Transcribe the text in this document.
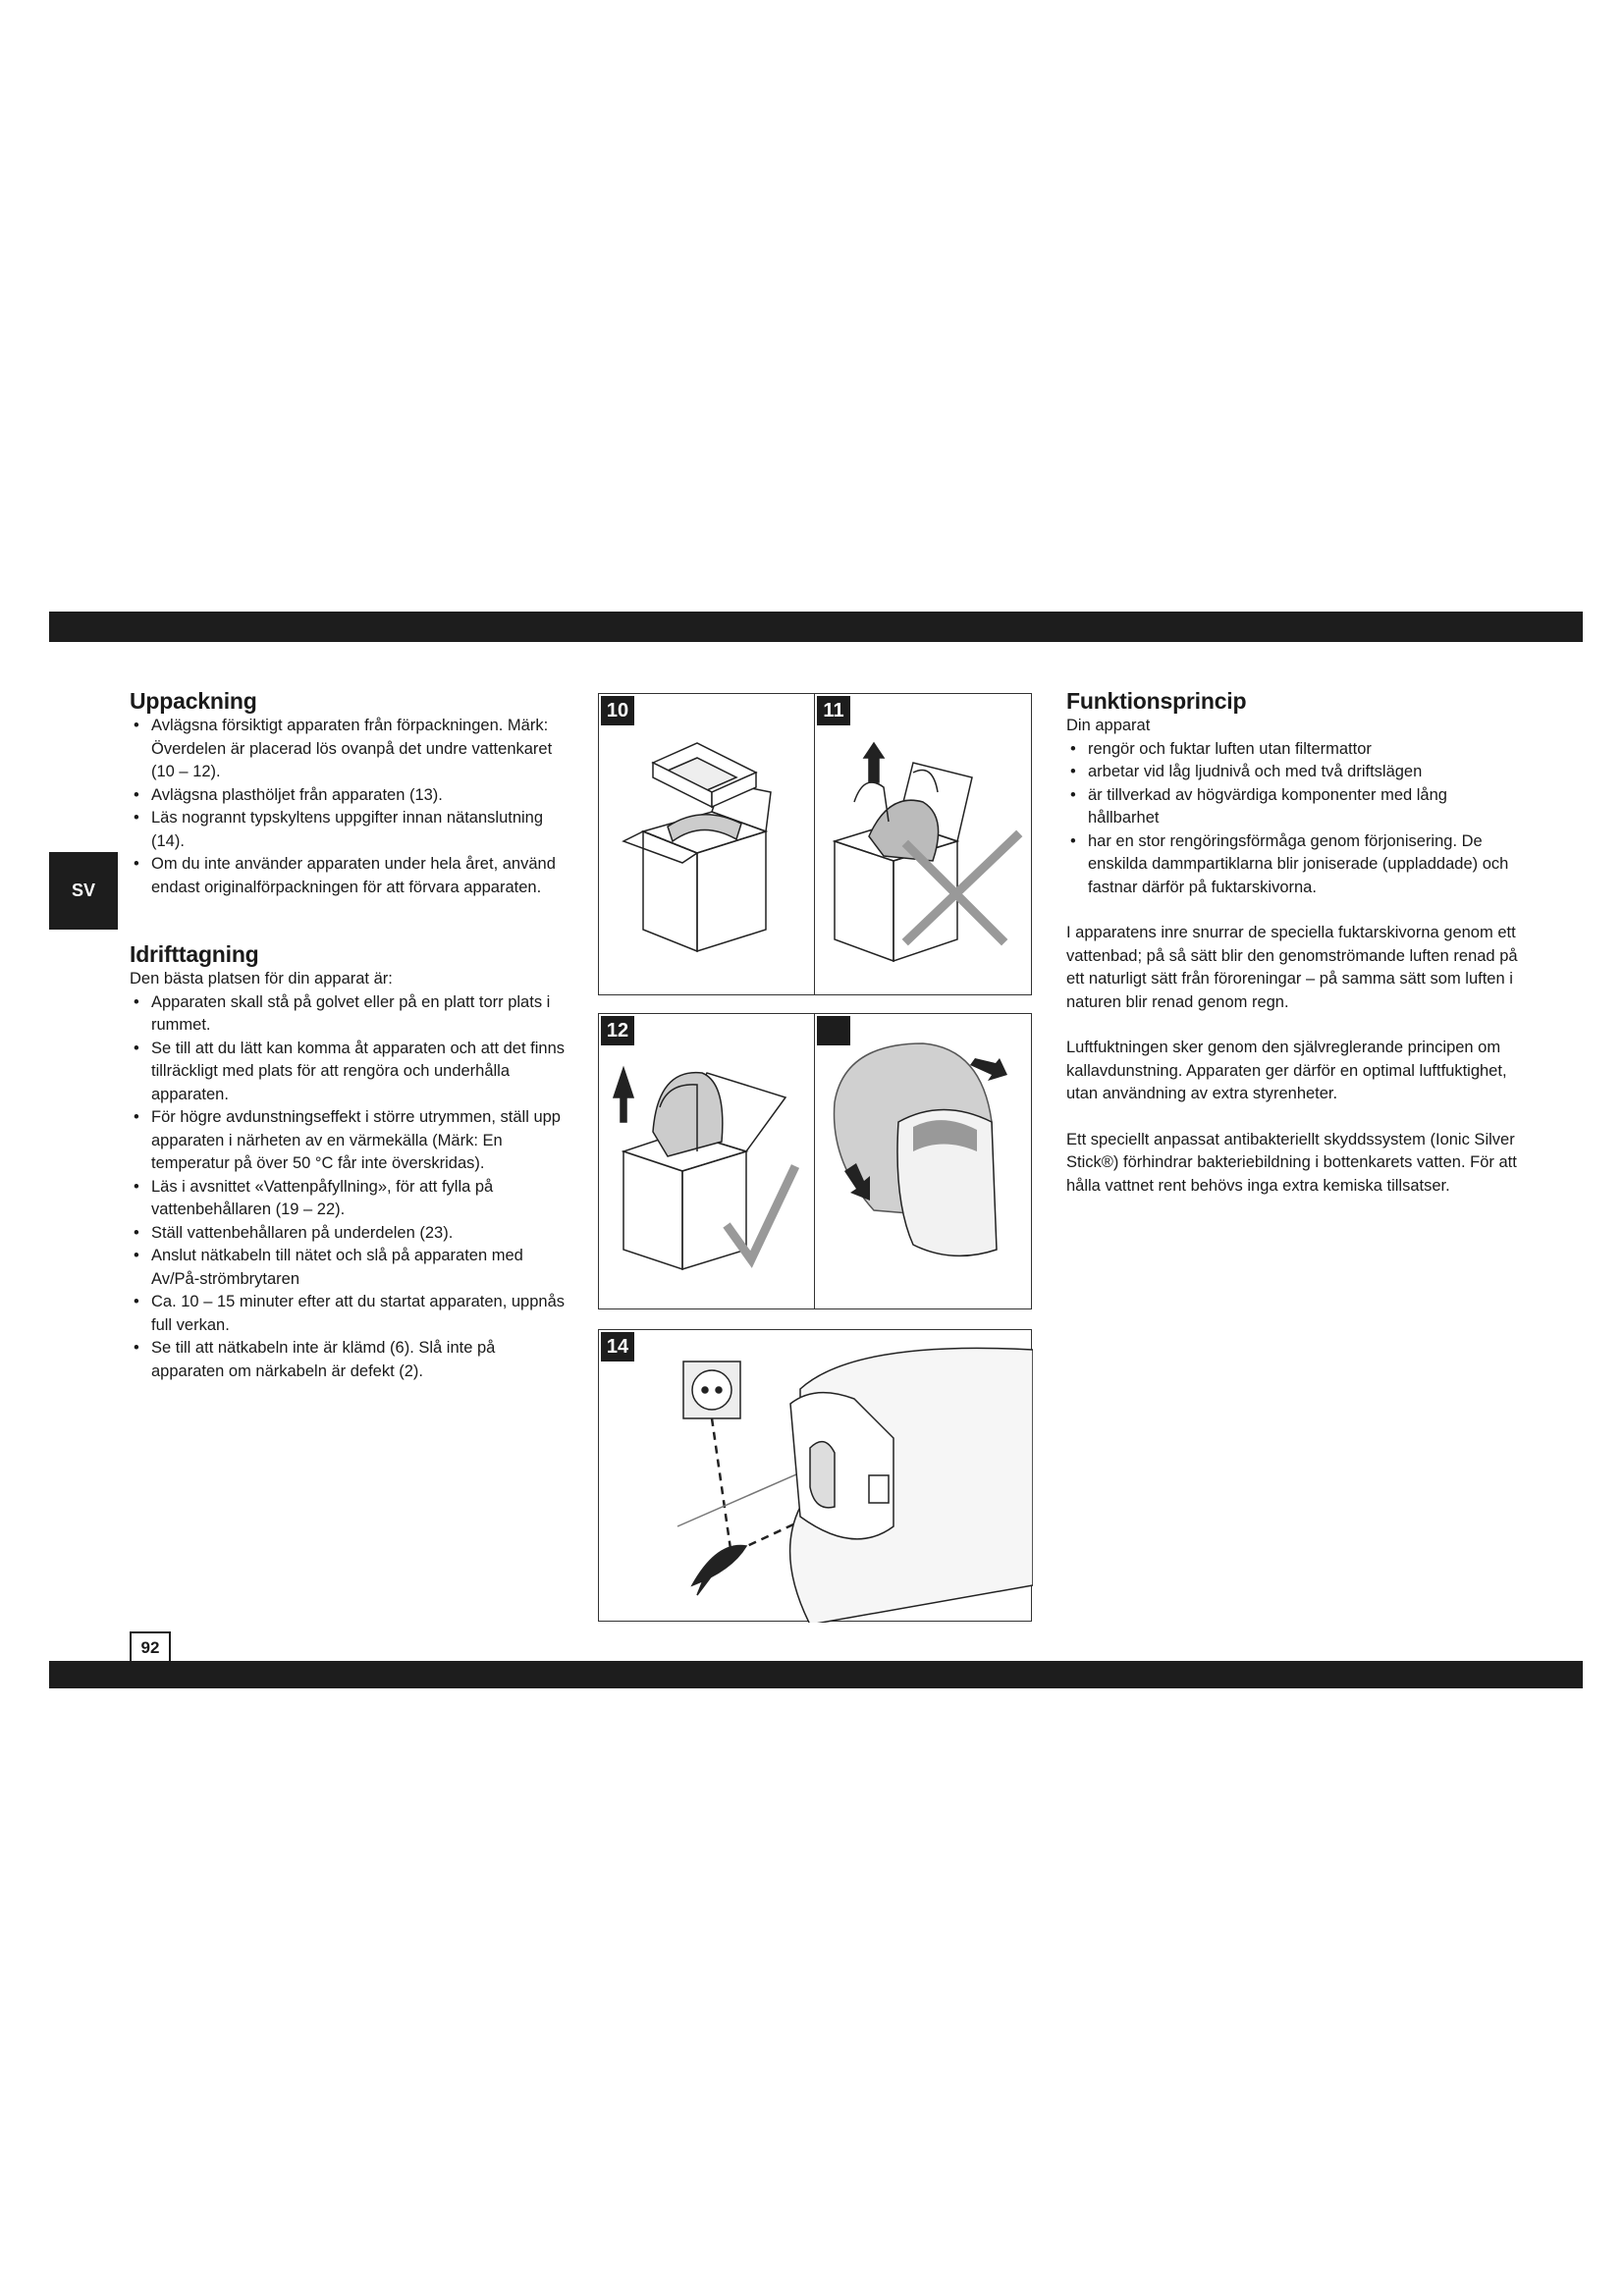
SV
Uppackning
• Avlägsna försiktigt apparaten från förpackningen. Märk: Överdelen är placerad lös ovanpå det undre vattenkaret (10 – 12).
• Avlägsna plasthöljet från apparaten (13).
• Läs nogrannt typskyltens uppgifter innan nätanslutning (14).
• Om du inte använder apparaten under hela året, använd endast originalförpackningen för att förvara apparaten.
Idrifttagning

Den bästa platsen för din apparat är:

• Apparaten skall stå på golvet eller på en platt torr plats i rummet.
• Se till att du lätt kan komma åt apparaten och att det finns tillräckligt med plats för att rengöra och underhålla apparaten.
• För högre avdunstningseffekt i större utrymmen, ställ upp apparaten i närheten av en värmekälla (Märk: En temperatur på över 50 °C får inte överskridas).
• Läs i avsnittet «Vattenpåfyllning», för att fylla på vattenbehållaren (19 – 22).
• Ställ vattenbehållaren på underdelen (23).
• Anslut nätkabeln till nätet och slå på apparaten med Av/På-strömbrytaren
• Ca. 10 – 15 minuter efter att du startat apparaten, uppnås full verkan.
• Se till att nätkabeln inte är klämd (6). Slå inte på apparaten om närkabeln är defekt (2).
10	11
12
14
Funktionsprincip

Din apparat

• rengör och fuktar luften utan filtermattor
• arbetar vid låg ljudnivå och med två driftslägen
• är tillverkad av högvärdiga komponenter med lång hållbarhet
• har en stor rengöringsförmåga genom förjonisering. De enskilda dammpartiklarna blir joniserade (uppladdade) och fastnar därför på fuktarskivorna.

I apparatens inre snurrar de speciella fuktarskivorna genom ett vattenbad; på så sätt blir den genomströmande luften renad på ett naturligt sätt från föroreningar – på samma sätt som luften i naturen blir renad genom regn.

Luftfuktningen sker genom den självreglerande principen om kallavdunstning. Apparaten ger därför en optimal luftfuktighet, utan användning av extra styrenheter.

Ett speciellt anpassat antibakteriellt skyddssystem (Ionic Silver Stick®) förhindrar bakteriebildning i bottenkarets vatten. För att hålla vattnet rent behövs inga extra kemiska tillsatser.

92
